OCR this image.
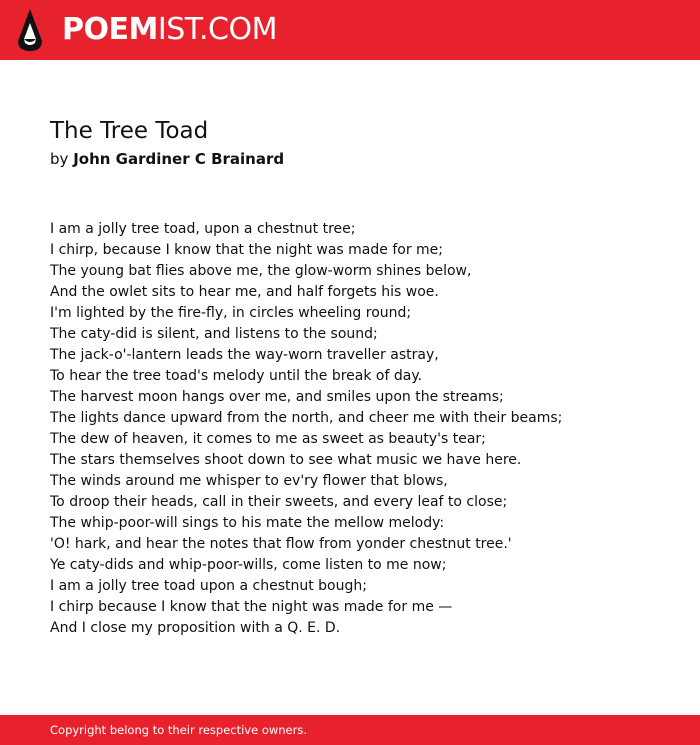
POEMIST.COM
The Tree Toad
by John Gardiner C Brainard
I am a jolly tree toad, upon a chestnut tree;
I chirp, because I know that the night was made for me;
The young bat flies above me, the glow-worm shines below,
And the owlet sits to hear me, and half forgets his woe.
I'm lighted by the fire-fly, in circles wheeling round;
The caty-did is silent, and listens to the sound;
The jack-o'-lantern leads the way-worn traveller astray,
To hear the tree toad's melody until the break of day.
The harvest moon hangs over me, and smiles upon the streams;
The lights dance upward from the north, and cheer me with their beams;
The dew of heaven, it comes to me as sweet as beauty's tear;
The stars themselves shoot down to see what music we have here.
The winds around me whisper to ev'ry flower that blows,
To droop their heads, call in their sweets, and every leaf to close;
The whip-poor-will sings to his mate the mellow melody:
'O! hark, and hear the notes that flow from yonder chestnut tree.'
Ye caty-dids and whip-poor-wills, come listen to me now;
I am a jolly tree toad upon a chestnut bough;
I chirp because I know that the night was made for me —
And I close my proposition with a Q. E. D.
Copyright belong to their respective owners.
